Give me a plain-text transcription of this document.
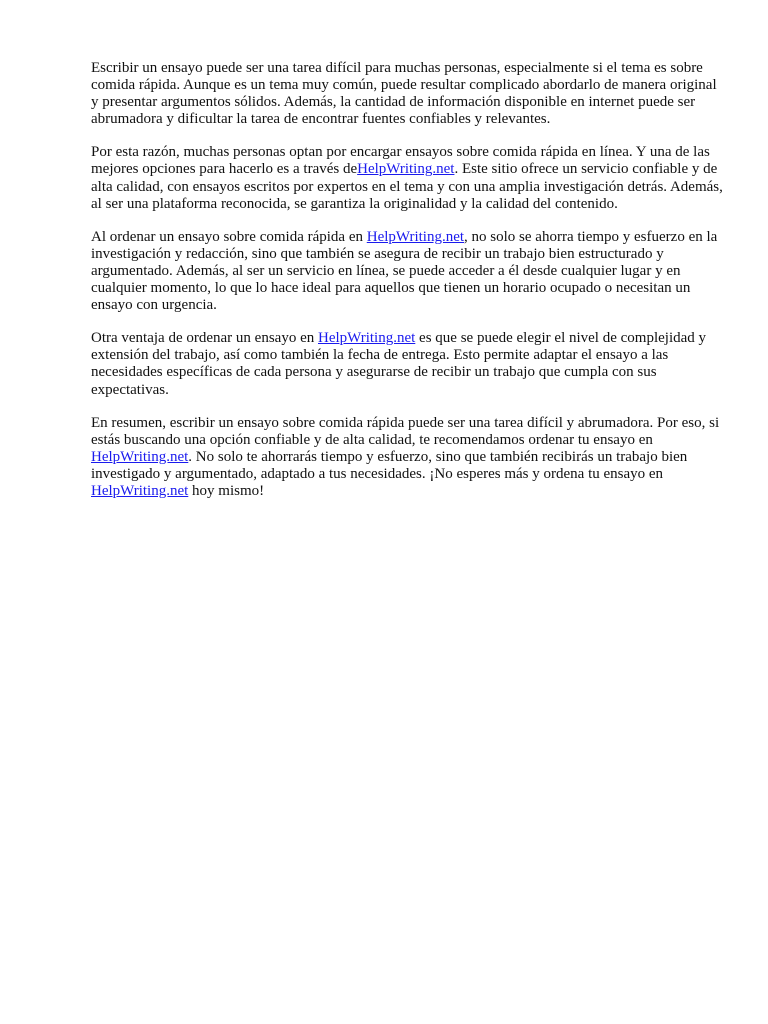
Escribir un ensayo puede ser una tarea difícil para muchas personas, especialmente si el tema es sobre comida rápida. Aunque es un tema muy común, puede resultar complicado abordarlo de manera original y presentar argumentos sólidos. Además, la cantidad de información disponible en internet puede ser abrumadora y dificultar la tarea de encontrar fuentes confiables y relevantes.

Por esta razón, muchas personas optan por encargar ensayos sobre comida rápida en línea. Y una de las mejores opciones para hacerlo es a través deHelpWriting.net. Este sitio ofrece un servicio confiable y de alta calidad, con ensayos escritos por expertos en el tema y con una amplia investigación detrás. Además, al ser una plataforma reconocida, se garantiza la originalidad y la calidad del contenido.

Al ordenar un ensayo sobre comida rápida en HelpWriting.net, no solo se ahorra tiempo y esfuerzo en la investigación y redacción, sino que también se asegura de recibir un trabajo bien estructurado y argumentado. Además, al ser un servicio en línea, se puede acceder a él desde cualquier lugar y en cualquier momento, lo que lo hace ideal para aquellos que tienen un horario ocupado o necesitan un ensayo con urgencia.

Otra ventaja de ordenar un ensayo en HelpWriting.net es que se puede elegir el nivel de complejidad y extensión del trabajo, así como también la fecha de entrega. Esto permite adaptar el ensayo a las necesidades específicas de cada persona y asegurarse de recibir un trabajo que cumpla con sus expectativas.

En resumen, escribir un ensayo sobre comida rápida puede ser una tarea difícil y abrumadora. Por eso, si estás buscando una opción confiable y de alta calidad, te recomendamos ordenar tu ensayo en HelpWriting.net. No solo te ahorrarás tiempo y esfuerzo, sino que también recibirás un trabajo bien investigado y argumentado, adaptado a tus necesidades. ¡No esperes más y ordena tu ensayo en HelpWriting.net hoy mismo!
